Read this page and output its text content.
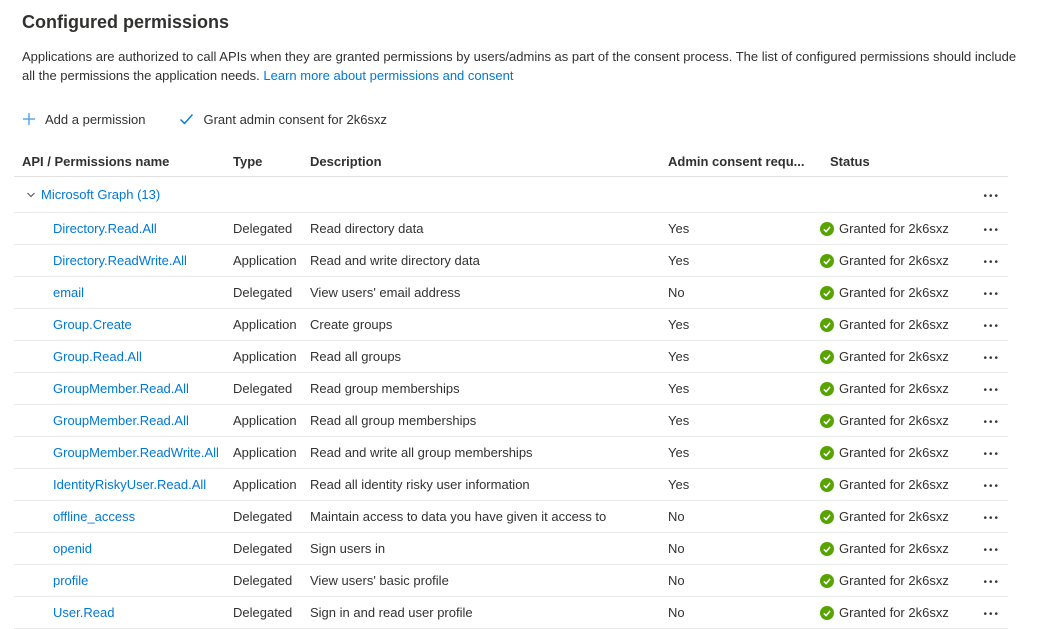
Configured permissions
Applications are authorized to call APIs when they are granted permissions by users/admins as part of the consent process. The list of configured permissions should include all the permissions the application needs. Learn more about permissions and consent
Add a permission	Grant admin consent for 2k6sxz
API / Permissions name	Type	Description	Admin consent requ...	Status
Microsoft Graph (13)	•••
Directory.Read.All	Delegated	Read directory data	Yes	Granted for 2k6sxz	•••
Directory.ReadWrite.All	Application	Read and write directory data	Yes	Granted for 2k6sxz	•••
email	Delegated	View users' email address	No	Granted for 2k6sxz	•••
Group.Create	Application	Create groups	Yes	Granted for 2k6sxz	•••
Group.Read.All	Application	Read all groups	Yes	Granted for 2k6sxz	•••
GroupMember.Read.All	Delegated	Read group memberships	Yes	Granted for 2k6sxz	•••
GroupMember.Read.All	Application	Read all group memberships	Yes	Granted for 2k6sxz	•••
GroupMember.ReadWrite.All Application	Read and write all group memberships	Yes	Granted for 2k6sxz	•••
IdentityRiskyUser.Read.All Application	Read all identity risky user information	Yes	Granted for 2k6sxz	•••
offline_access	Delegated	Maintain access to data you have given it access to	No	Granted for 2k6sxz	•••
openid	Delegated	Sign users in	No	Granted for 2k6sxz	•••
profile	Delegated	View users' basic profile	No	Granted for 2k6sxz	•••
User.Read	Delegated	Sign in and read user profile	No	Granted for 2k6sxz	•••
